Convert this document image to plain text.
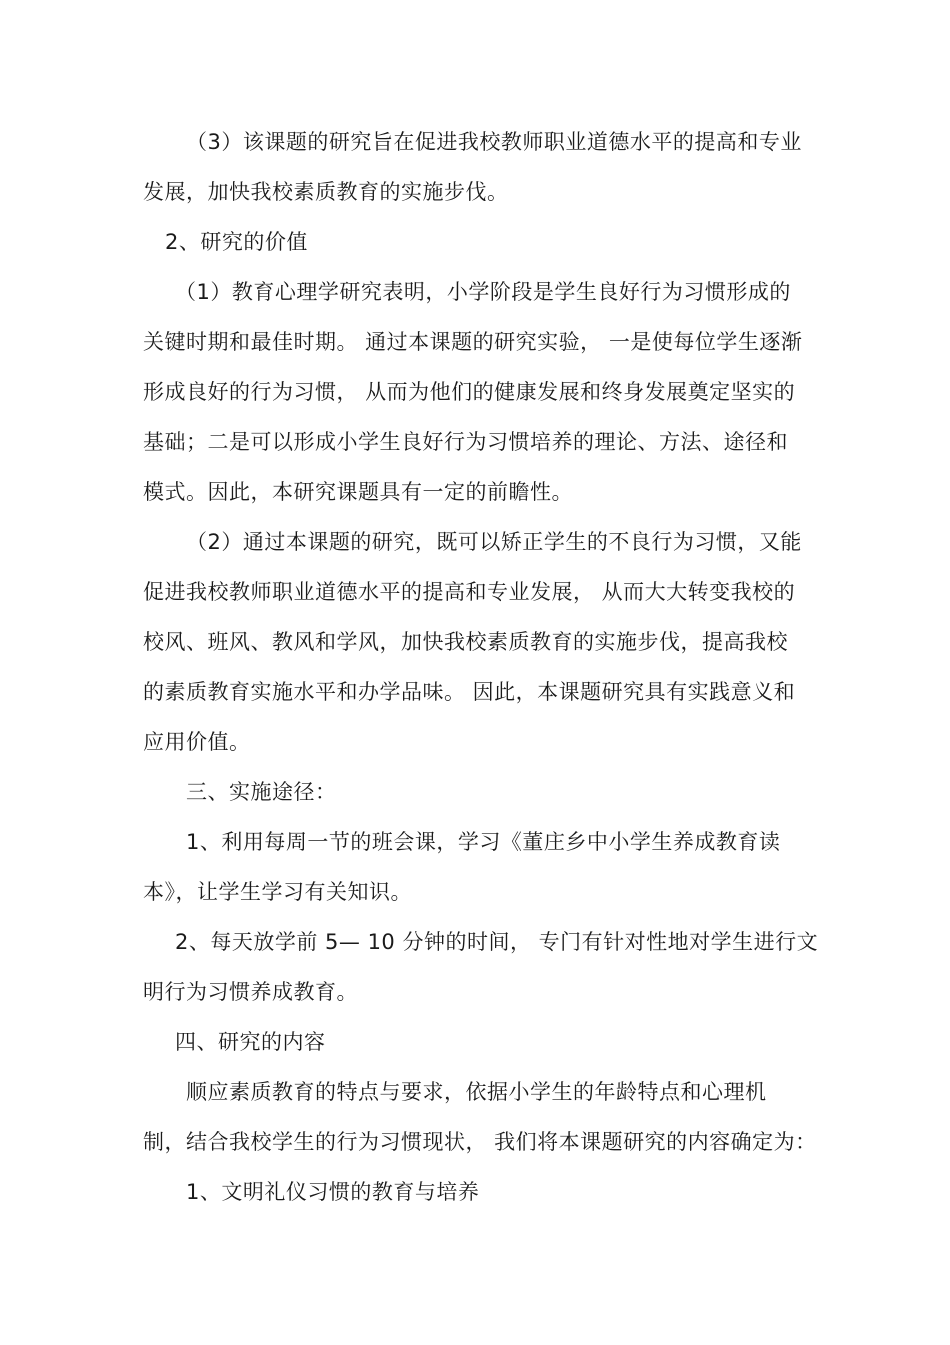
（3）该课题的研究旨在促进我校教师职业道德水平的提高和专业
发展，加快我校素质教育的实施步伐。
2、研究的价值
（1）教育心理学研究表明，小学阶段是学生良好行为习惯形成的
关键时期和最佳时期。 通过本课题的研究实验， 一是使每位学生逐渐
形成良好的行为习惯， 从而为他们的健康发展和终身发展奠定坚实的
基础；二是可以形成小学生良好行为习惯培养的理论、方法、途径和
模式。因此，本研究课题具有一定的前瞻性。
（2）通过本课题的研究，既可以矫正学生的不良行为习惯，又能
促进我校教师职业道德水平的提高和专业发展， 从而大大转变我校的
校风、班风、教风和学风，加快我校素质教育的实施步伐，提高我校
的素质教育实施水平和办学品味。 因此，本课题研究具有实践意义和
应用价值。
三、实施途径：
1、利用每周一节的班会课，学习《董庄乡中小学生养成教育读
本》，让学生学习有关知识。
2、每天放学前 5— 10 分钟的时间， 专门有针对性地对学生进行文
明行为习惯养成教育。
四、研究的内容
顺应素质教育的特点与要求，依据小学生的年龄特点和心理机
制，结合我校学生的行为习惯现状， 我们将本课题研究的内容确定为：
1、文明礼仪习惯的教育与培养
